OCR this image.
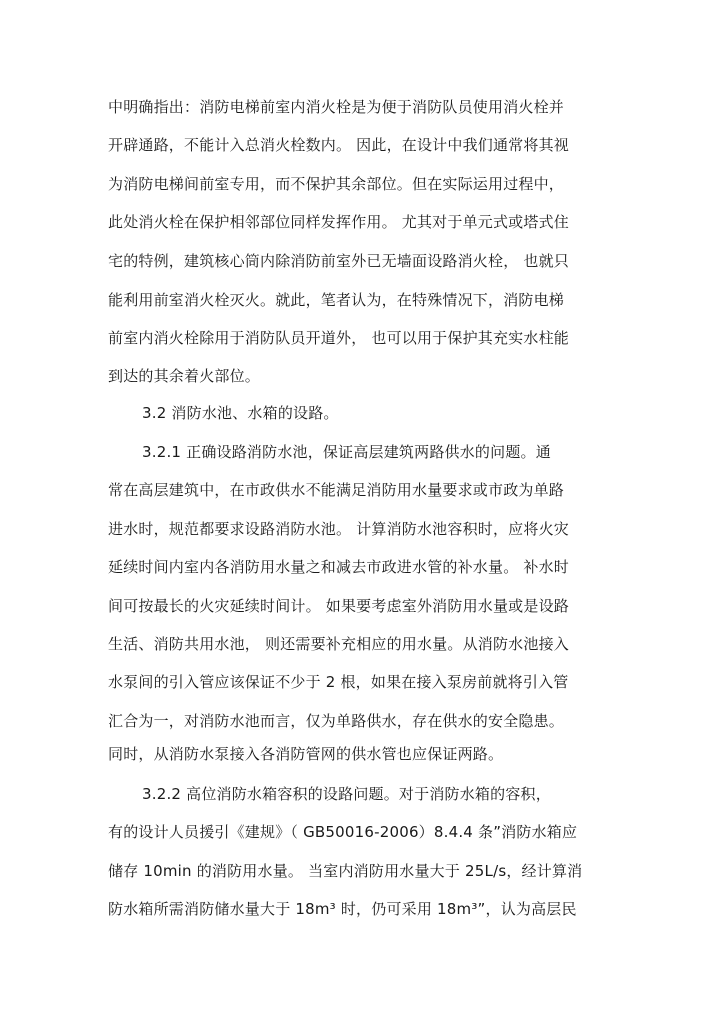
中明确指出：消防电梯前室内消火栓是为便于消防队员使用消火栓并
开辟通路，不能计入总消火栓数内。 因此，在设计中我们通常将其视
为消防电梯间前室专用，而不保护其余部位。但在实际运用过程中，
此处消火栓在保护相邻部位同样发挥作用。 尤其对于单元式或塔式住
宅的特例，建筑核心筒内除消防前室外已无墙面设路消火栓， 也就只
能利用前室消火栓灭火。就此，笔者认为，在特殊情况下，消防电梯
前室内消火栓除用于消防队员开道外， 也可以用于保护其充实水柱能
到达的其余着火部位。
3.2 消防水池、水箱的设路。
3.2.1 正确设路消防水池，保证高层建筑两路供水的问题。通
常在高层建筑中，在市政供水不能满足消防用水量要求或市政为单路
进水时，规范都要求设路消防水池。 计算消防水池容积时，应将火灾
延续时间内室内各消防用水量之和减去市政进水管的补水量。 补水时
间可按最长的火灾延续时间计。 如果要考虑室外消防用水量或是设路
生活、消防共用水池， 则还需要补充相应的用水量。从消防水池接入
水泵间的引入管应该保证不少于 2 根，如果在接入泵房前就将引入管
汇合为一，对消防水池而言，仅为单路供水，存在供水的安全隐患。
同时，从消防水泵接入各消防管网的供水管也应保证两路。
3.2.2 高位消防水箱容积的设路问题。对于消防水箱的容积，
有的设计人员援引《建规》（ GB50016-2006）8.4.4 条”消防水箱应
储存 10min 的消防用水量。 当室内消防用水量大于 25L/s，经计算消
防水箱所需消防储水量大于 18m³ 时，仍可采用 18m³”，认为高层民
